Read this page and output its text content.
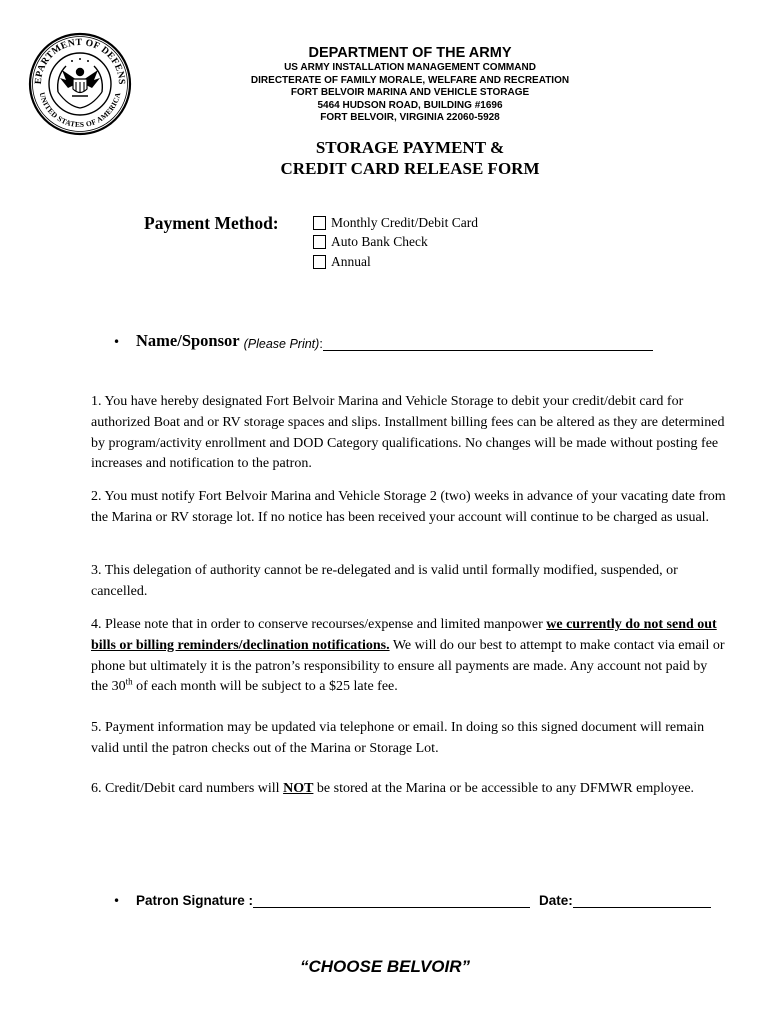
EPARTMENT OF DEFENS
UNITED STATES OF AMERICA
DEPARTMENT OF THE ARMY
US ARMY INSTALLATION MANAGEMENT COMMAND
DIRECTERATE OF FAMILY MORALE, WELFARE AND RECREATION
FORT BELVOIR MARINA AND VEHICLE STORAGE
5464 HUDSON ROAD, BUILDING #1696
FORT BELVOIR, VIRGINIA 22060-5928
STORAGE PAYMENT &
CREDIT CARD RELEASE FORM
Payment Method:	Monthly Credit/Debit Card
Auto Bank Check
Annual
• Name/Sponsor (Please Print) :
1. You have hereby designated Fort Belvoir Marina and Vehicle Storage to debit your credit/debit card for authorized Boat and or RV storage spaces and slips. Installment billing fees can be altered as they are determined by program/activity enrollment and DOD Category qualifications. No changes will be made without posting fee increases and notification to the patron.
2. You must notify Fort Belvoir Marina and Vehicle Storage 2 (two) weeks in advance of your vacating date from the Marina or RV storage lot. If no notice has been received your account will continue to be charged as usual.
3. This delegation of authority cannot be re-delegated and is valid until formally modified, suspended, or cancelled.
4. Please note that in order to conserve recourses/expense and limited manpower we currently do not send out bills or billing reminders/declination notifications. We will do our best to attempt to make contact via email or phone but ultimately it is the patron’s responsibility to ensure all payments are made. Any account not paid by the 30th of each month will be subject to a $25 late fee.
5. Payment information may be updated via telephone or email. In doing so this signed document will remain valid until the patron checks out of the Marina or Storage Lot.
6. Credit/Debit card numbers will NOT be stored at the Marina or be accessible to any DFMWR employee.
• Patron Signature :	Date:
“CHOOSE BELVOIR”
